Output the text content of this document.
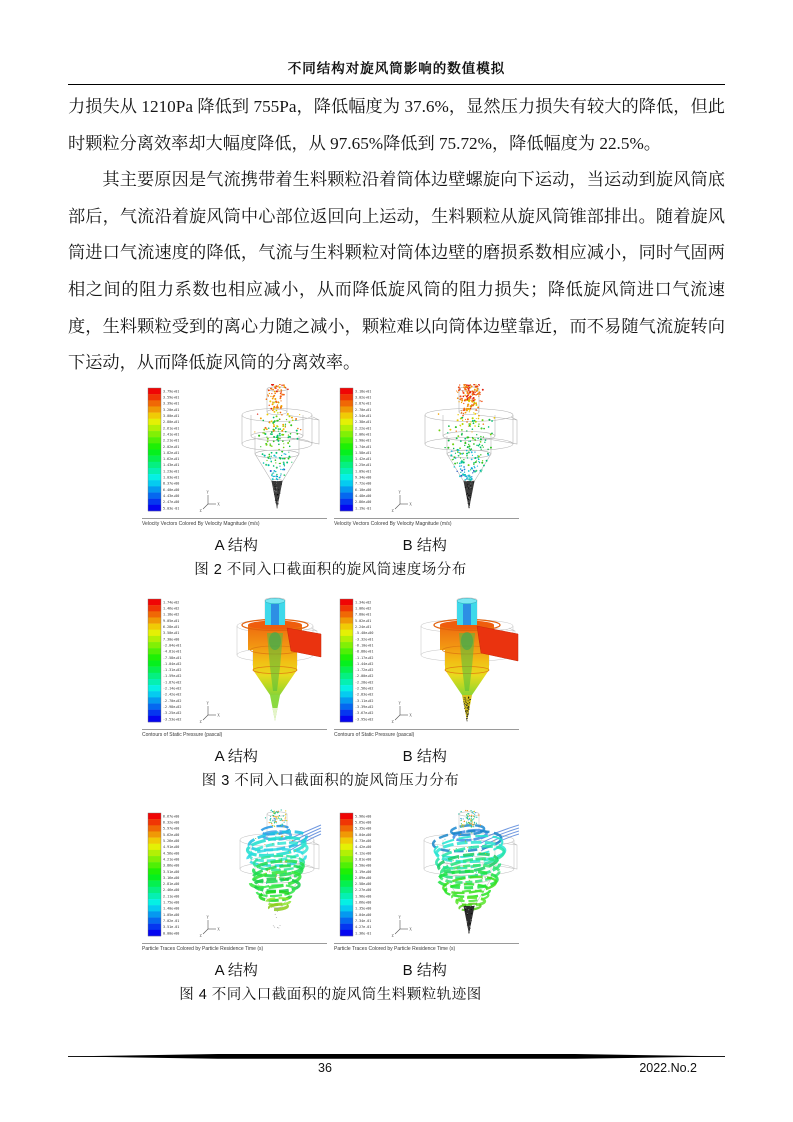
不同结构对旋风筒影响的数值模拟

力损失从 1210Pa 降低到 755Pa，降低幅度为 37.6%，显然压力损失有较大的降低，但此时颗粒分离效率却大幅度降低，从 97.65%降低到 75.72%，降低幅度为 22.5%。

其主要原因是气流携带着生料颗粒沿着筒体边壁螺旋向下运动，当运动到旋风筒底部后，气流沿着旋风筒中心部位返回向上运动，生料颗粒从旋风筒锥部排出。随着旋风筒进口气流速度的降低，气流与生料颗粒对筒体边壁的磨损系数相应减小，同时气固两相之间的阻力系数也相应减小，从而降低旋风筒的阻力损失；降低旋风筒进口气流速度，生料颗粒受到的离心力随之减小，颗粒难以向筒体边壁靠近，而不易随气流旋转向下运动，从而降低旋风筒的分离效率。

3.79e+01
3.59e+01
3.39e+01
3.20e+01
3.00e+01
2.80e+01
2.61e+01
2.41e+01
2.21e+01
2.02e+01
1.82e+01
1.62e+01
1.43e+01
1.23e+01
1.03e+01
8.37e+00
6.40e+00
4.43e+00
2.47e+00
5.03e-01
Y
X
Z
Velocity Vectors Colored By Velocity Magnitude (m/s)
3.18e+01
3.02e+01
2.87e+01
2.70e+01
2.54e+01
2.38e+01
2.22e+01
2.06e+01
1.90e+01
1.74e+01
1.58e+01
1.42e+01
1.25e+01
1.09e+01
9.34e+00
7.72e+00
6.10e+00
4.48e+00
2.86e+00
1.19e-01
Y
X
Z
Velocity Vectors Colored By Velocity Magnitude (m/s)
A 结构	B 结构
图 2 不同入口截面积的旋风筒速度场分布
1.74e+02
1.46e+02
1.18e+02
9.05e+01
6.28e+01
3.50e+01
7.30e+00
-2.04e+01
-4.81e+01
-7.58e+01
-1.04e+02
-1.31e+02
-1.59e+02
-1.87e+02
-2.14e+02
-2.42e+02
-2.70e+02
-2.98e+02
-3.25e+02
-3.53e+02
Y
X
Z
Contours of Static Pressure (pascal)
1.34e+02
1.06e+02
7.80e+01
5.02e+01
2.24e+01
-5.40e+00
-3.32e+01
-6.10e+01
-8.88e+01
-1.17e+02
-1.44e+02
-1.72e+02
-2.00e+02
-2.28e+02
-2.56e+02
-2.83e+02
-3.11e+02
-3.39e+02
-3.67e+02
-3.95e+02
Y
X
Z
Contours of Static Pressure (pascal)
A 结构	B 结构
图 3 不同入口截面积的旋风筒压力分布
6.67e+00
6.32e+00
5.97e+00
5.62e+00
5.26e+00
4.91e+00
4.56e+00
4.21e+00
3.86e+00
3.51e+00
3.16e+00
2.81e+00
2.46e+00
2.11e+00
1.75e+00
1.40e+00
1.05e+00
7.02e-01
3.51e-01
0.00e+00
Y
X
Z
Particle Traces Colored by Particle Residence Time (s)
5.96e+00
5.65e+00
5.35e+00
5.04e+00
4.73e+00
4.42e+00
4.12e+00
3.81e+00
3.50e+00
3.19e+00
2.89e+00
2.58e+00
2.27e+00
1.96e+00
1.66e+00
1.35e+00
1.04e+00
7.34e-01
4.27e-01
1.36e-01
Y
X
Z
Particle Traces Colored by Particle Residence Time (s)
A 结构	B 结构
图 4 不同入口截面积的旋风筒生料颗粒轨迹图
36	2022.No.2
